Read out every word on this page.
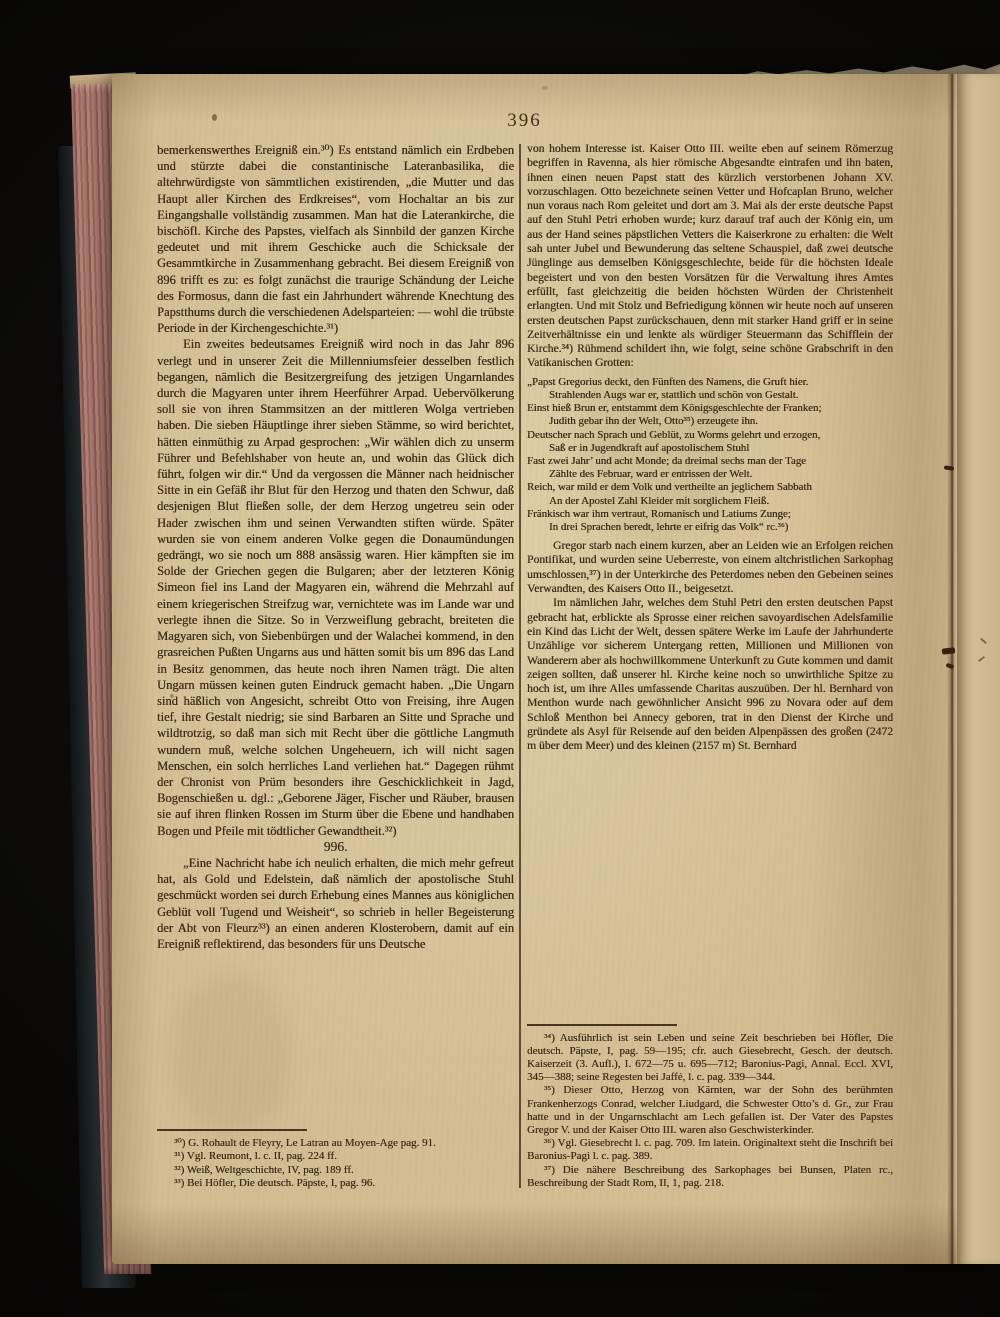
396

bemerkenswerthes Ereigniß ein.³⁰) Es entstand nämlich ein Erdbeben und stürzte dabei die constantinische Lateranbasilika, die altehrwürdigste von sämmtlichen existirenden, „die Mutter und das Haupt aller Kirchen des Erdkreises“, vom Hochaltar an bis zur Eingangshalle vollständig zusammen. Man hat die Laterankirche, die bischöfl. Kirche des Papstes, vielfach als Sinnbild der ganzen Kirche gedeutet und mit ihrem Geschicke auch die Schicksale der Gesammtkirche in Zusammenhang gebracht. Bei diesem Ereigniß von 896 trifft es zu: es folgt zunächst die traurige Schändung der Leiche des Formosus, dann die fast ein Jahrhundert währende Knechtung des Papstthums durch die verschiedenen Adelsparteien: — wohl die trübste Periode in der Kirchengeschichte.³¹)

Ein zweites bedeutsames Ereigniß wird noch in das Jahr 896 verlegt und in unserer Zeit die Millenniumsfeier desselben festlich begangen, nämlich die Besitzergreifung des jetzigen Ungarnlandes durch die Magyaren unter ihrem Heerführer Arpad. Uebervölkerung soll sie von ihren Stammsitzen an der mittleren Wolga vertrieben haben. Die sieben Häuptlinge ihrer sieben Stämme, so wird berichtet, hätten einmüthig zu Arpad gesprochen: „Wir wählen dich zu unserm Führer und Befehlshaber von heute an, und wohin das Glück dich führt, folgen wir dir.“ Und da vergossen die Männer nach heidnischer Sitte in ein Gefäß ihr Blut für den Herzog und thaten den Schwur, daß desjenigen Blut fließen solle, der dem Herzog ungetreu sein oder Hader zwischen ihm und seinen Verwandten stiften würde. Später wurden sie von einem anderen Volke gegen die Donaumündungen gedrängt, wo sie noch um 888 ansässig waren. Hier kämpften sie im Solde der Griechen gegen die Bulgaren; aber der letzteren König Simeon fiel ins Land der Magyaren ein, während die Mehrzahl auf einem kriegerischen Streifzug war, vernichtete was im Lande war und verlegte ihnen die Sitze. So in Verzweiflung gebracht, breiteten die Magyaren sich, von Siebenbürgen und der Walachei kommend, in den grasreichen Pußten Ungarns aus und hätten somit bis um 896 das Land in Besitz genommen, das heute noch ihren Namen trägt. Die alten Ungarn müssen keinen guten Eindruck gemacht haben. „Die Ungarn sind häßlich von Angesicht, schreibt Otto von Freising, ihre Augen tief, ihre Gestalt niedrig; sie sind Barbaren an Sitte und Sprache und wildtrotzig, so daß man sich mit Recht über die göttliche Langmuth wundern muß, welche solchen Ungeheuern, ich will nicht sagen Menschen, ein solch herrliches Land verliehen hat.“ Dagegen rühmt der Chronist von Prüm besonders ihre Geschicklichkeit in Jagd, Bogenschießen u. dgl.: „Geborene Jäger, Fischer und Räuber, brausen sie auf ihren flinken Rossen im Sturm über die Ebene und handhaben Bogen und Pfeile mit tödtlicher Gewandtheit.³²)

996.

„Eine Nachricht habe ich neulich erhalten, die mich mehr gefreut hat, als Gold und Edelstein, daß nämlich der apostolische Stuhl geschmückt worden sei durch Erhebung eines Mannes aus königlichen Geblüt voll Tugend und Weisheit“, so schrieb in heller Begeisterung der Abt von Fleurz³³) an einen anderen Klosterobern, damit auf ein Ereigniß reflektirend, das besonders für uns Deutsche

³⁰) G. Rohault de Fleyry, Le Latran au Moyen-Age pag. 91.

³¹) Vgl. Reumont, l. c. II, pag. 224 ff.

³²) Weiß, Weltgeschichte, IV, pag. 189 ff.

³³) Bei Höfler, Die deutsch. Päpste, I, pag. 96.

von hohem Interesse ist. Kaiser Otto III. weilte eben auf seinem Römerzug begriffen in Ravenna, als hier römische Abgesandte eintrafen und ihn baten, ihnen einen neuen Papst statt des kürzlich verstorbenen Johann XV. vorzuschlagen. Otto bezeichnete seinen Vetter und Hofcaplan Bruno, welcher nun voraus nach Rom geleitet und dort am 3. Mai als der erste deutsche Papst auf den Stuhl Petri erhoben wurde; kurz darauf traf auch der König ein, um aus der Hand seines päpstlichen Vetters die Kaiserkrone zu erhalten: die Welt sah unter Jubel und Bewunderung das seltene Schauspiel, daß zwei deutsche Jünglinge aus demselben Königsgeschlechte, beide für die höchsten Ideale begeistert und von den besten Vorsätzen für die Verwaltung ihres Amtes erfüllt, fast gleichzeitig die beiden höchsten Würden der Christenheit erlangten. Und mit Stolz und Befriedigung können wir heute noch auf unseren ersten deutschen Papst zurückschauen, denn mit starker Hand griff er in seine Zeitverhältnisse ein und lenkte als würdiger Steuermann das Schifflein der Kirche.³⁴) Rühmend schildert ihn, wie folgt, seine schöne Grabschrift in den Vatikanischen Grotten:

„Papst Gregorius deckt, den Fünften des Namens, die Gruft hier.
Strahlenden Augs war er, stattlich und schön von Gestalt.
Einst hieß Brun er, entstammt dem Königsgeschlechte der Franken;
Judith gebar ihn der Welt, Otto³⁵) erzeugete ihn.
Deutscher nach Sprach und Geblüt, zu Worms gelehrt und erzogen,
Saß er in Jugendkraft auf apostolischem Stuhl
Fast zwei Jahr’ und acht Monde; da dreimal sechs man der Tage
Zählte des Februar, ward er entrissen der Welt.
Reich, war mild er dem Volk und vertheilte an jeglichem Sabbath
An der Apostel Zahl Kleider mit sorglichem Fleiß.
Fränkisch war ihm vertraut, Romanisch und Latiums Zunge;
In drei Sprachen beredt, lehrte er eifrig das Volk“ rc.³⁶)

Gregor starb nach einem kurzen, aber an Leiden wie an Erfolgen reichen Pontifikat, und wurden seine Ueberreste, von einem altchristlichen Sarkophag umschlossen,³⁷) in der Unterkirche des Peterdomes neben den Gebeinen seines Verwandten, des Kaisers Otto II., beigesetzt.

Im nämlichen Jahr, welches dem Stuhl Petri den ersten deutschen Papst gebracht hat, erblickte als Sprosse einer reichen savoyardischen Adelsfamilie ein Kind das Licht der Welt, dessen spätere Werke im Laufe der Jahrhunderte Unzählige vor sicherem Untergang retten, Millionen und Millionen von Wanderern aber als hochwillkommene Unterkunft zu Gute kommen und damit zeigen sollten, daß unserer hl. Kirche keine noch so unwirthliche Spitze zu hoch ist, um ihre Alles umfassende Charitas auszuüben. Der hl. Bernhard von Menthon wurde nach gewöhnlicher Ansicht 996 zu Novara oder auf dem Schloß Menthon bei Annecy geboren, trat in den Dienst der Kirche und gründete als Asyl für Reisende auf den beiden Alpenpässen des großen (2472 m über dem Meer) und des kleinen (2157 m) St. Bernhard

³⁴) Ausführlich ist sein Leben und seine Zeit beschrieben bei Höfler, Die deutsch. Päpste, I, pag. 59—195; cfr. auch Giesebrecht, Gesch. der deutsch. Kaiserzeit (3. Aufl.), I. 672—75 u. 695—712; Baronius-Pagi, Annal. Eccl. XVI, 345—388; seine Regesten bei Jaffé, l. c. pag. 339—344.

³⁵) Dieser Otto, Herzog von Kärnten, war der Sohn des berühmten Frankenherzogs Conrad, welcher Liudgard, die Schwester Otto’s d. Gr., zur Frau hatte und in der Ungarnschlacht am Lech gefallen ist. Der Vater des Papstes Gregor V. und der Kaiser Otto III. waren also Geschwisterkinder.

³⁶) Vgl. Giesebrecht l. c. pag. 709. Im latein. Originaltext steht die Inschrift bei Baronius-Pagi l. c. pag. 389.

³⁷) Die nähere Beschreibung des Sarkophages bei Bunsen, Platen rc., Beschreibung der Stadt Rom, II, 1, pag. 218.
